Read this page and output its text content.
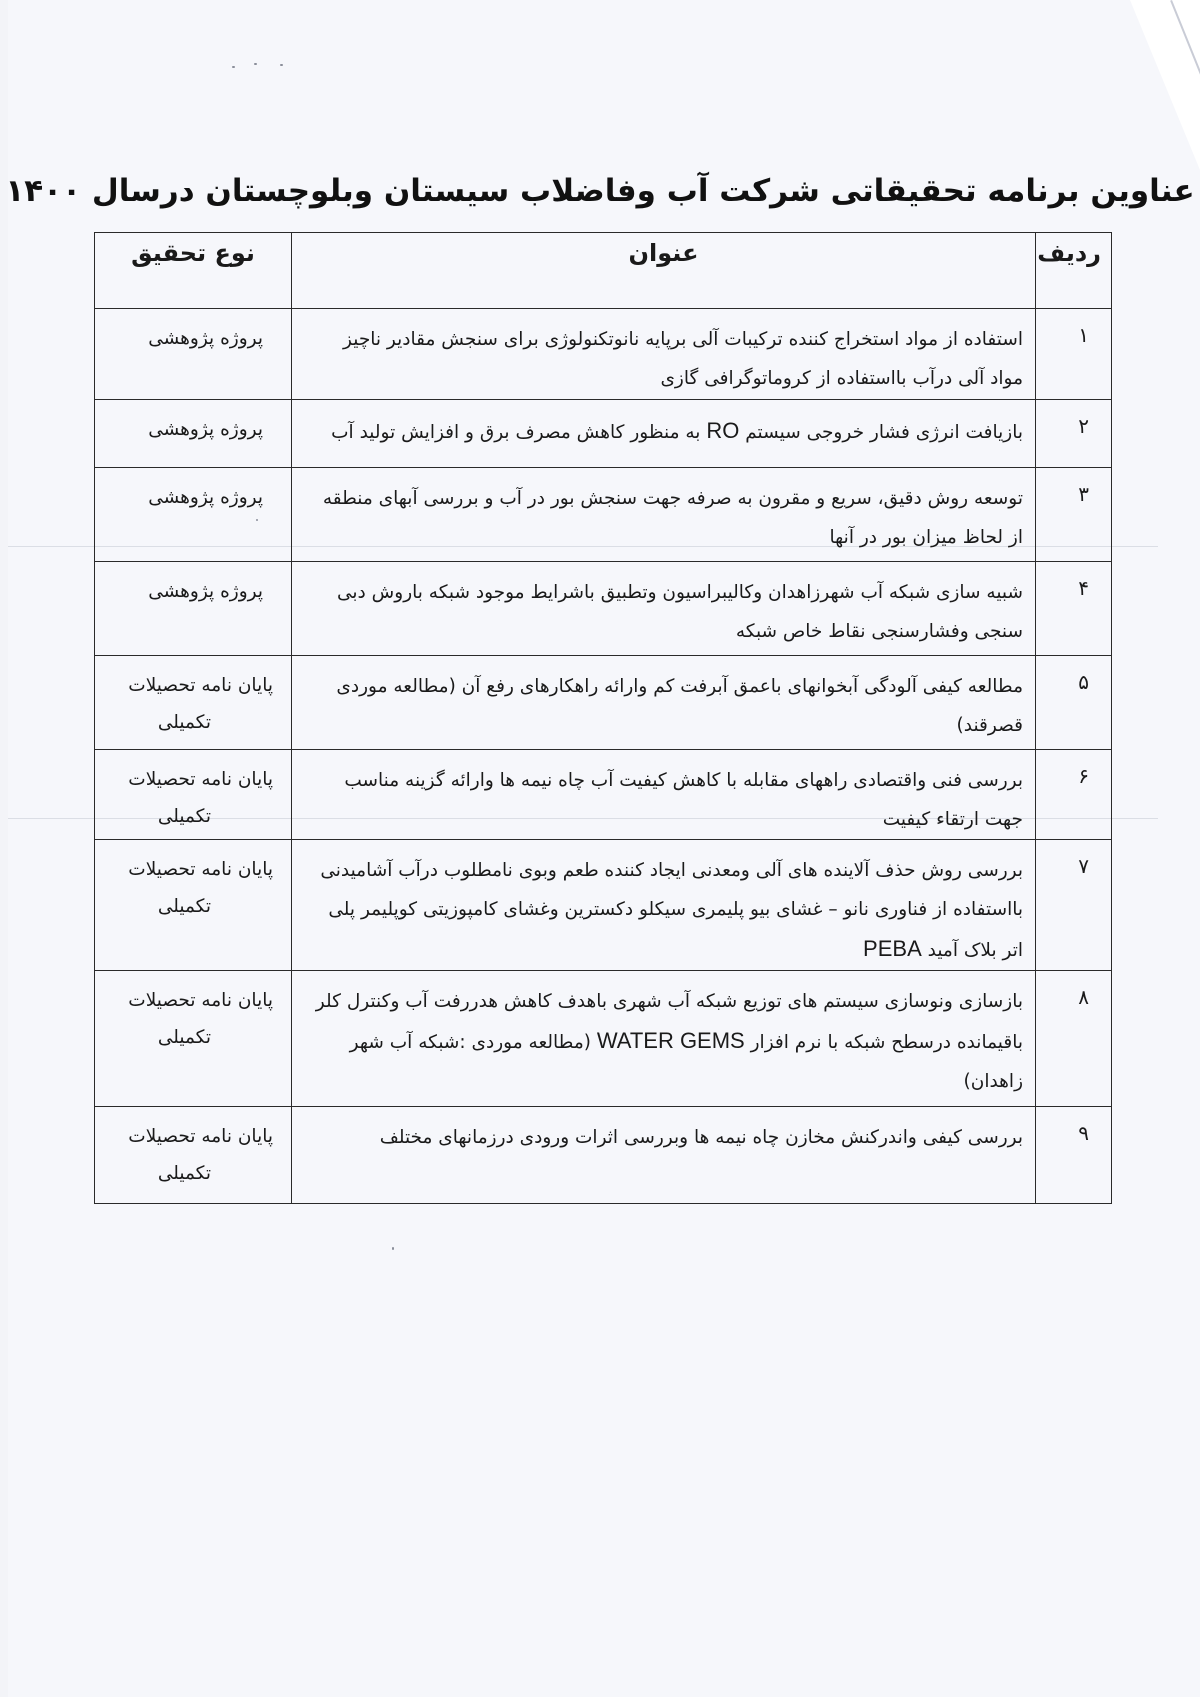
عناوین برنامه تحقیقاتی شرکت آب وفاضلاب سیستان وبلوچستان درسال ۱۴۰۰
ردیف	عنوان	نوع تحقیق
۱	استفاده از مواد استخراج کننده ترکیبات آلی برپایه نانوتکنولوژی برای سنجش مقادیر ناچیز مواد آلی درآب بااستفاده از کروماتوگرافی گازی	پروژه پژوهشی

۲	بازیافت انرژی فشار خروجی سیستم RO به منظور کاهش مصرف برق و افزایش تولید آب	پروژه پژوهشی

۳	توسعه روش دقیق، سریع و مقرون به صرفه جهت سنجش بور در آب و بررسی آبهای منطقه از لحاظ میزان بور در آنها	پروژه پژوهشی

۴	شبیه سازی شبکه آب شهرزاهدان وکالیبراسیون وتطبیق باشرایط موجود شبکه باروش دبی سنجی وفشارسنجی نقاط خاص شبکه	پروژه پژوهشی

۵	مطالعه کیفی آلودگی آبخوانهای باعمق آبرفت کم وارائه راهکارهای رفع آن (مطالعه موردی قصرقند)	پایان نامه تحصیلات
تکمیلی

۶	بررسی فنی واقتصادی راههای مقابله با کاهش کیفیت آب چاه نیمه ها وارائه گزینه مناسب جهت ارتقاء کیفیت	پایان نامه تحصیلات
تکمیلی

۷	بررسی روش حذف آلاینده های آلی ومعدنی ایجاد کننده طعم وبوی نامطلوب درآب آشامیدنی بااستفاده از فناوری نانو – غشای بیو پلیمری سیکلو دکسترین وغشای کامپوزیتی کوپلیمر پلی اتر بلاک آمید PEBA	پایان نامه تحصیلات
تکمیلی

۸	بازسازی ونوسازی سیستم های توزیع شبکه آب شهری باهدف کاهش هدررفت آب وکنترل کلر باقیمانده درسطح شبکه با نرم افزار WATER GEMS (مطالعه موردی :شبکه آب شهر زاهدان)	پایان نامه تحصیلات
تکمیلی

۹	بررسی کیفی واندرکنش مخازن چاه نیمه ها وبررسی اثرات ورودی درزمانهای مختلف	پایان نامه تحصیلات
تکمیلی
